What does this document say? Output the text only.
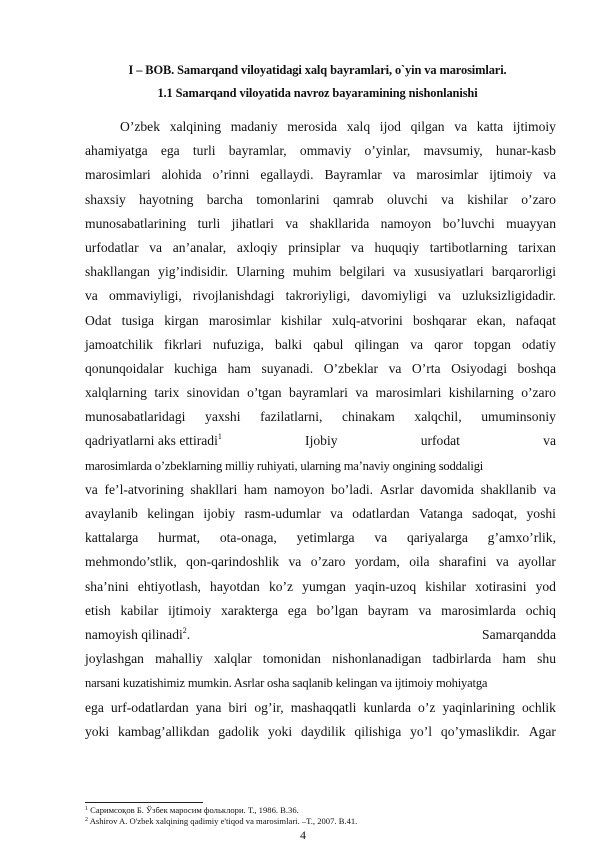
I – BOB. Samarqand viloyatidagi xalq bayramlari, o`yin va marosimlari.
1.1 Samarqand viloyatida navroz bayaramining nishonlanishi
O’zbek xalqining madaniy merosida xalq ijod qilgan va katta ijtimoiy
ahamiyatga ega turli bayramlar, ommaviy o’yinlar, mavsumiy, hunar-kasb
marosimlari alohida o’rinni egallaydi. Bayramlar va marosimlar ijtimoiy va
shaxsiy hayotning barcha tomonlarini qamrab oluvchi va kishilar o’zaro
munosabatlarining turli jihatlari va shakllarida namoyon bo’luvchi muayyan
urfodatlar va an’analar, axloqiy prinsiplar va huquqiy tartibotlarning tarixan
shakllangan yig’indisidir. Ularning muhim belgilari va xususiyatlari barqarorligi
va ommaviyligi, rivojlanishdagi takroriyligi, davomiyligi va uzluksizligidadir.
Odat tusiga kirgan marosimlar kishilar xulq-atvorini boshqarar ekan, nafaqat
jamoatchilik fikrlari nufuziga, balki qabul qilingan va qaror topgan odatiy
qonunqoidalar kuchiga ham suyanadi. O’zbeklar va O’rta Osiyodagi boshqa
xalqlarning tarix sinovidan o’tgan bayramlari va marosimlari kishilarning o’zaro
munosabatlaridagi yaxshi fazilatlarni, chinakam xalqchil, umuminsoniy
qadriyatlarni aks ettiradi$^1$	Ijobiy	urfodat	va
marosimlarda o’zbeklarning milliy ruhiyati, ularning ma’naviy ongining soddaligi
va fe’l-atvorining shakllari ham namoyon bo’ladi. Asrlar davomida shakllanib va
avaylanib kelingan ijobiy rasm-udumlar va odatlardan Vatanga sadoqat, yoshi
kattalarga hurmat, ota-onaga, yetimlarga va qariyalarga g’amxo’rlik,
mehmondo’stlik, qon-qarindoshlik va o’zaro yordam, oila sharafini va ayollar
sha’nini ehtiyotlash, hayotdan ko’z yumgan yaqin-uzoq kishilar xotirasini yod
etish kabilar ijtimoiy xarakterga ega bo’lgan bayram va marosimlarda ochiq
namoyish qilinadi$^2$.	Samarqandda
joylashgan mahalliy xalqlar tomonidan nishonlanadigan tadbirlarda ham shu
narsani kuzatishimiz mumkin. Asrlar osha saqlanib kelingan va ijtimoiy mohiyatga
ega urf-odatlardan yana biri og’ir, mashaqqatli kunlarda o’z yaqinlarining ochlik
yoki kambag’allikdan gadolik yoki daydilik qilishiga yo’l qo’ymaslikdir. Agar
$^1$ Саримсоқов Б. Ўзбек маросим фольклори. Т., 1986. В.36.
$^2$ Ashirov A. O'zbek xalqining qadimiy e'tiqod va marosimlari. –T., 2007. B.41.
4
